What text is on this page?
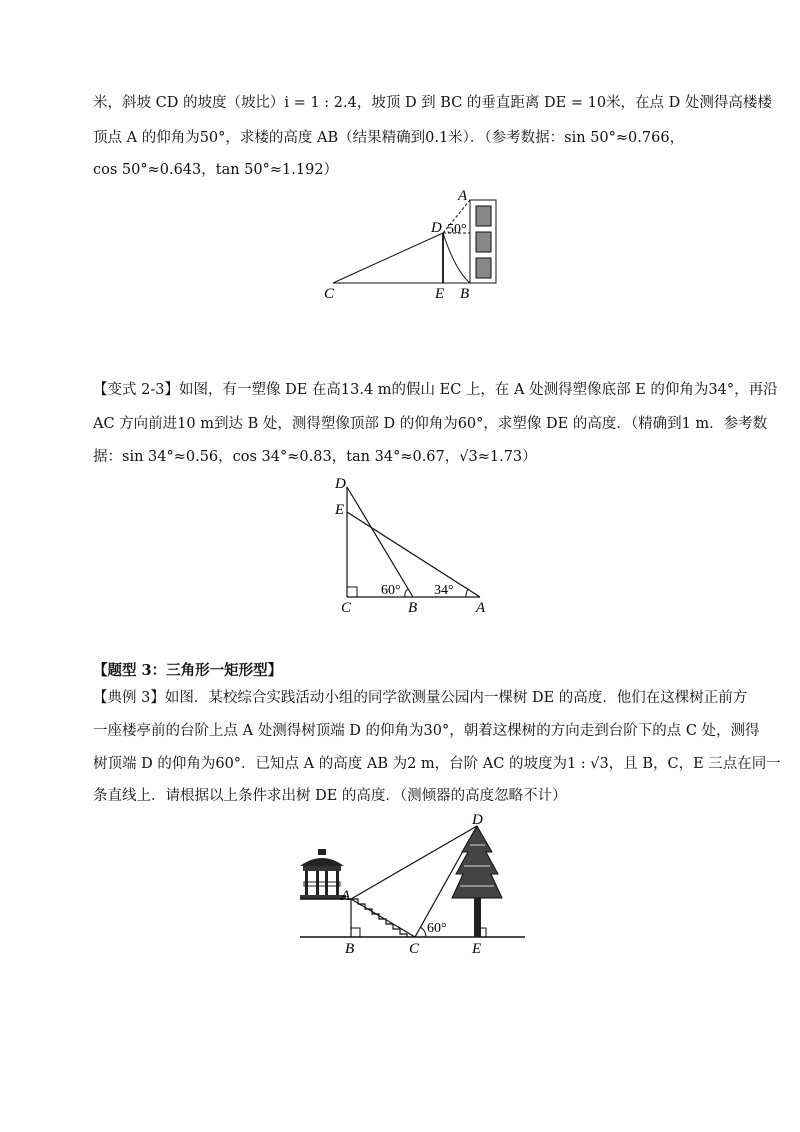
米，斜坡 CD 的坡度（坡比）i = 1 : 2.4，坡顶 D 到 BC 的垂直距离 DE = 10米，在点 D 处测得高楼楼
顶点 A 的仰角为50°，求楼的高度 AB（结果精确到0.1米）．（参考数据：sin 50°≈0.766，
cos 50°≈0.643，tan 50°≈1.192）
A
D 50°
C	E B
【变式 2-3】如图，有一塑像 DE 在高13.4 m的假山 EC 上，在 A 处测得塑像底部 E 的仰角为34°，再沿
AC 方向前进10 m到达 B 处，测得塑像顶部 D 的仰角为60°，求塑像 DE 的高度．（精确到1 m．参考数
据：sin 34°≈0.56，cos 34°≈0.83，tan 34°≈0.67，√3≈1.73）
D
E
C	B	A
60° 34°
【题型 3：三角形一矩形型】
【典例 3】如图．某校综合实践活动小组的同学欲测量公园内一棵树 DE 的高度．他们在这棵树正前方
一座楼亭前的台阶上点 A 处测得树顶端 D 的仰角为30°，朝着这棵树的方向走到台阶下的点 C 处，测得
树顶端 D 的仰角为60°．已知点 A 的高度 AB 为2 m，台阶 AC 的坡度为1 : √3，且 B，C，E 三点在同一
条直线上．请根据以上条件求出树 DE 的高度．（测倾器的高度忽略不计）
D
A
B	C	E
60°
